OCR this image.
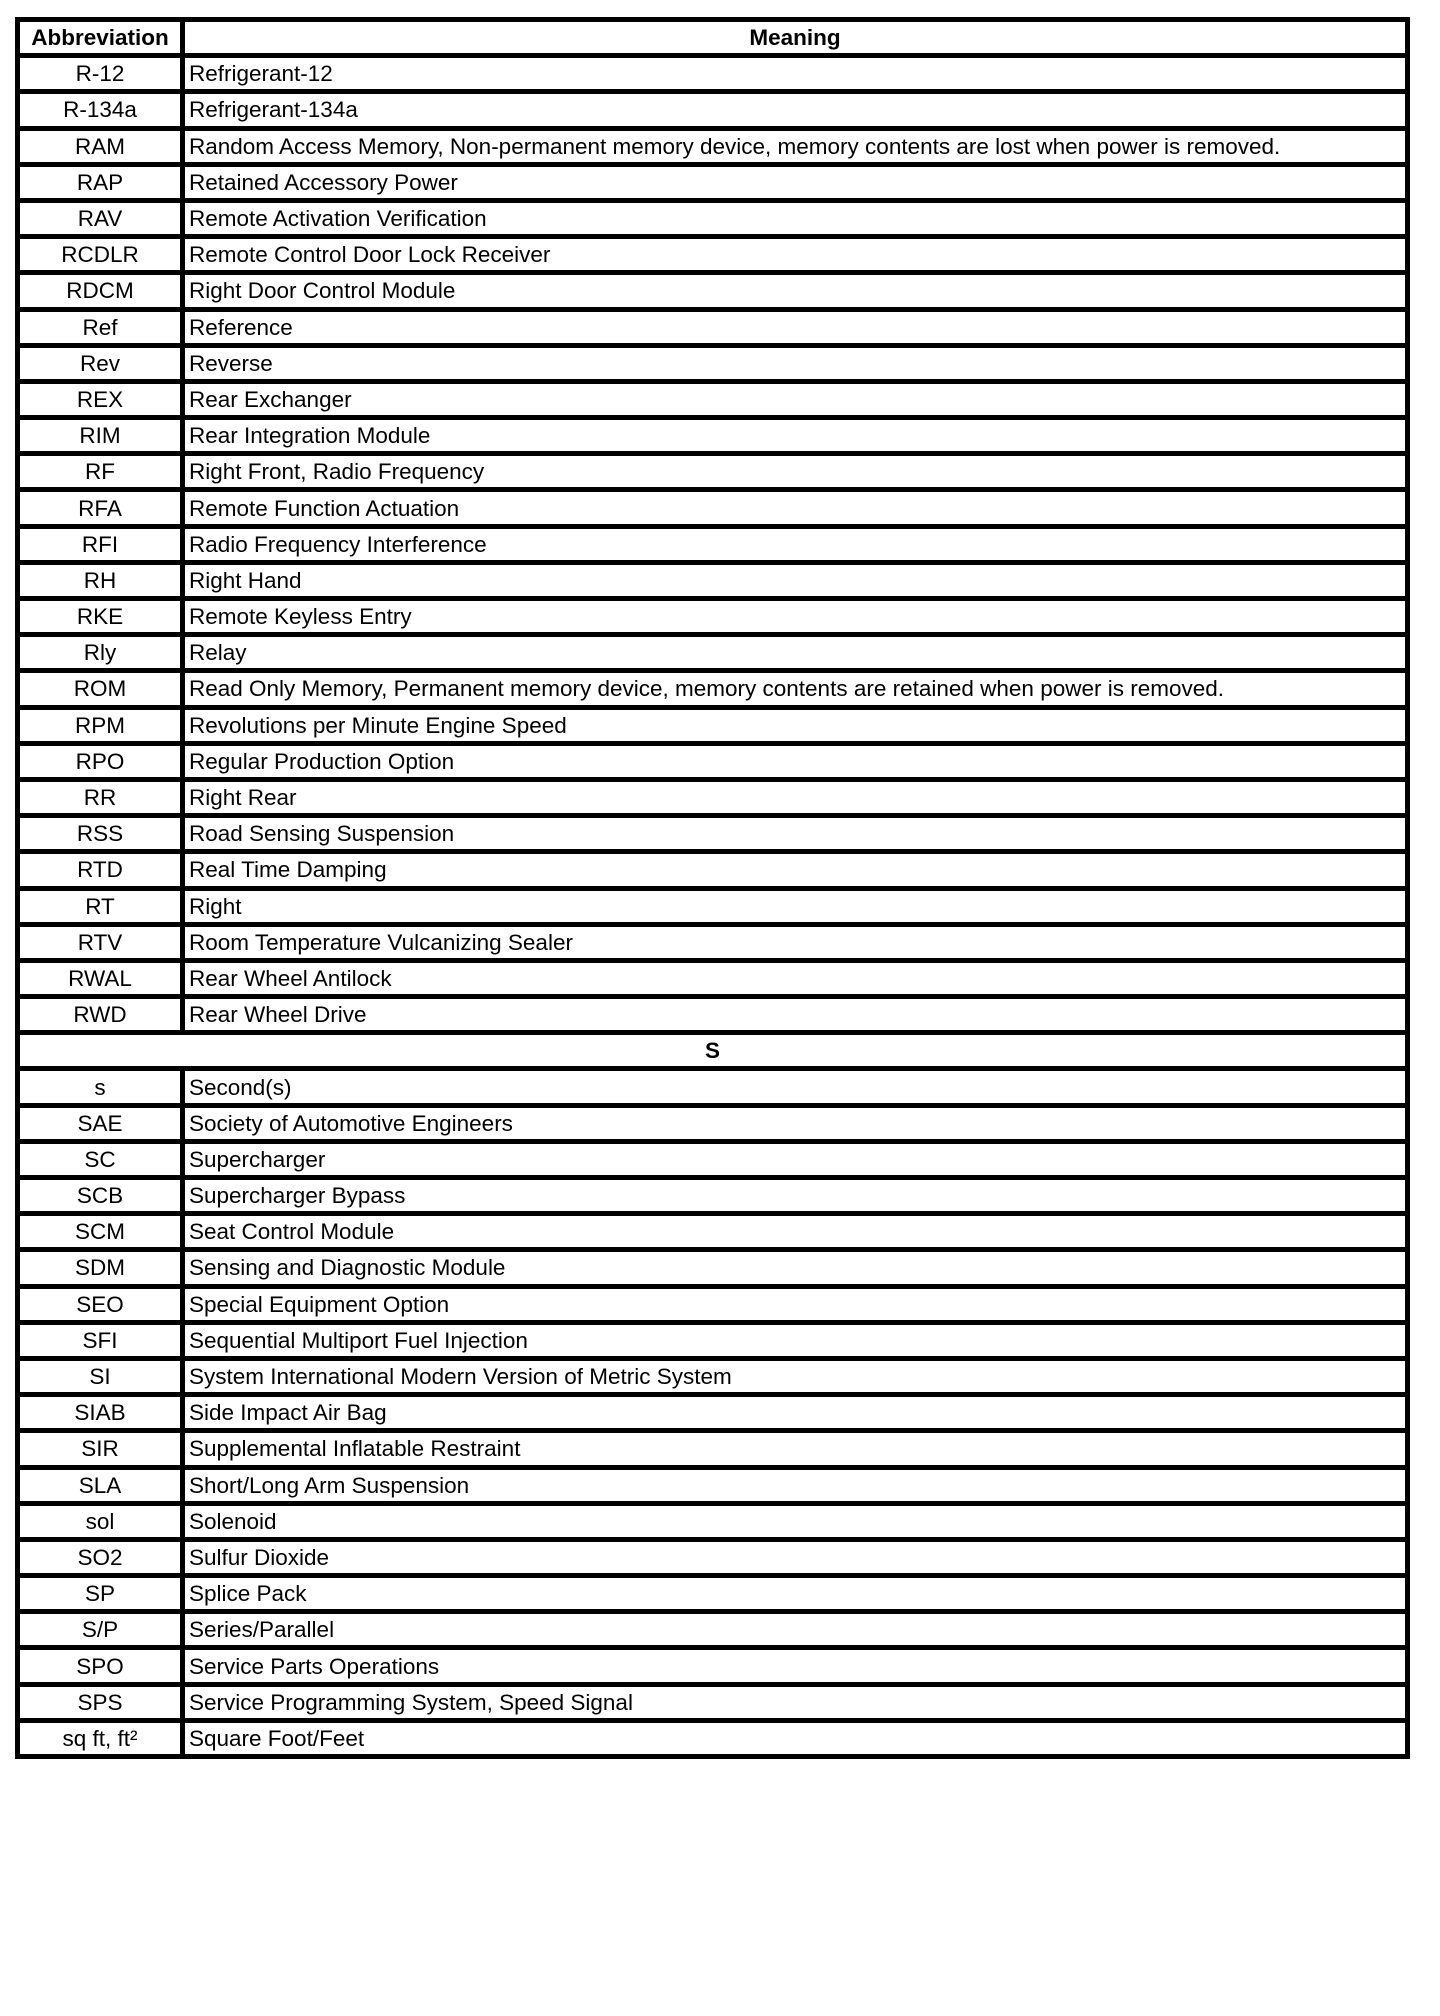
Abbreviation	Meaning
R-12	Refrigerant-12
R-134a	Refrigerant-134a
RAM	Random Access Memory, Non-permanent memory device, memory contents are lost when power is removed.
RAP	Retained Accessory Power
RAV	Remote Activation Verification
RCDLR	Remote Control Door Lock Receiver
RDCM	Right Door Control Module
Ref	Reference
Rev	Reverse
REX	Rear Exchanger
RIM	Rear Integration Module
RF	Right Front, Radio Frequency
RFA	Remote Function Actuation
RFI	Radio Frequency Interference
RH	Right Hand
RKE	Remote Keyless Entry
Rly	Relay
ROM	Read Only Memory, Permanent memory device, memory contents are retained when power is removed.
RPM	Revolutions per Minute Engine Speed
RPO	Regular Production Option
RR	Right Rear
RSS	Road Sensing Suspension
RTD	Real Time Damping
RT	Right
RTV	Room Temperature Vulcanizing Sealer
RWAL	Rear Wheel Antilock
RWD	Rear Wheel Drive
S	
s	Second(s)
SAE	Society of Automotive Engineers
SC	Supercharger
SCB	Supercharger Bypass
SCM	Seat Control Module
SDM	Sensing and Diagnostic Module
SEO	Special Equipment Option
SFI	Sequential Multiport Fuel Injection
SI	System International Modern Version of Metric System
SIAB	Side Impact Air Bag
SIR	Supplemental Inflatable Restraint
SLA	Short/Long Arm Suspension
sol	Solenoid
SO2	Sulfur Dioxide
SP	Splice Pack
S/P	Series/Parallel
SPO	Service Parts Operations
SPS	Service Programming System, Speed Signal
sq ft, ft²	Square Foot/Feet
